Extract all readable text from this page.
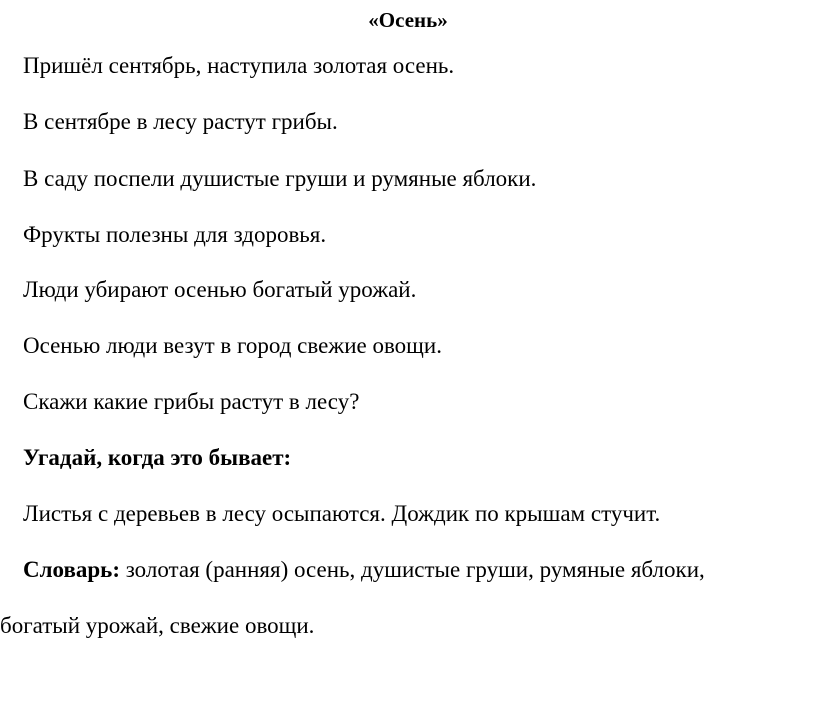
«Осень»

Пришёл сентябрь, наступила золотая осень.

В сентябре в лесу растут грибы.

В саду поспели душистые груши и румяные яблоки.

Фрукты полезны для здоровья.

Люди убирают осенью богатый урожай.

Осенью люди везут в город свежие овощи.

Скажи какие грибы растут в лесу?

Угадай, когда это бывает:

Листья с деревьев в лесу осыпаются. Дождик по крышам стучит.

Словарь: золотая (ранняя) осень, душистые груши, румяные яблоки,

богатый урожай, свежие овощи.
